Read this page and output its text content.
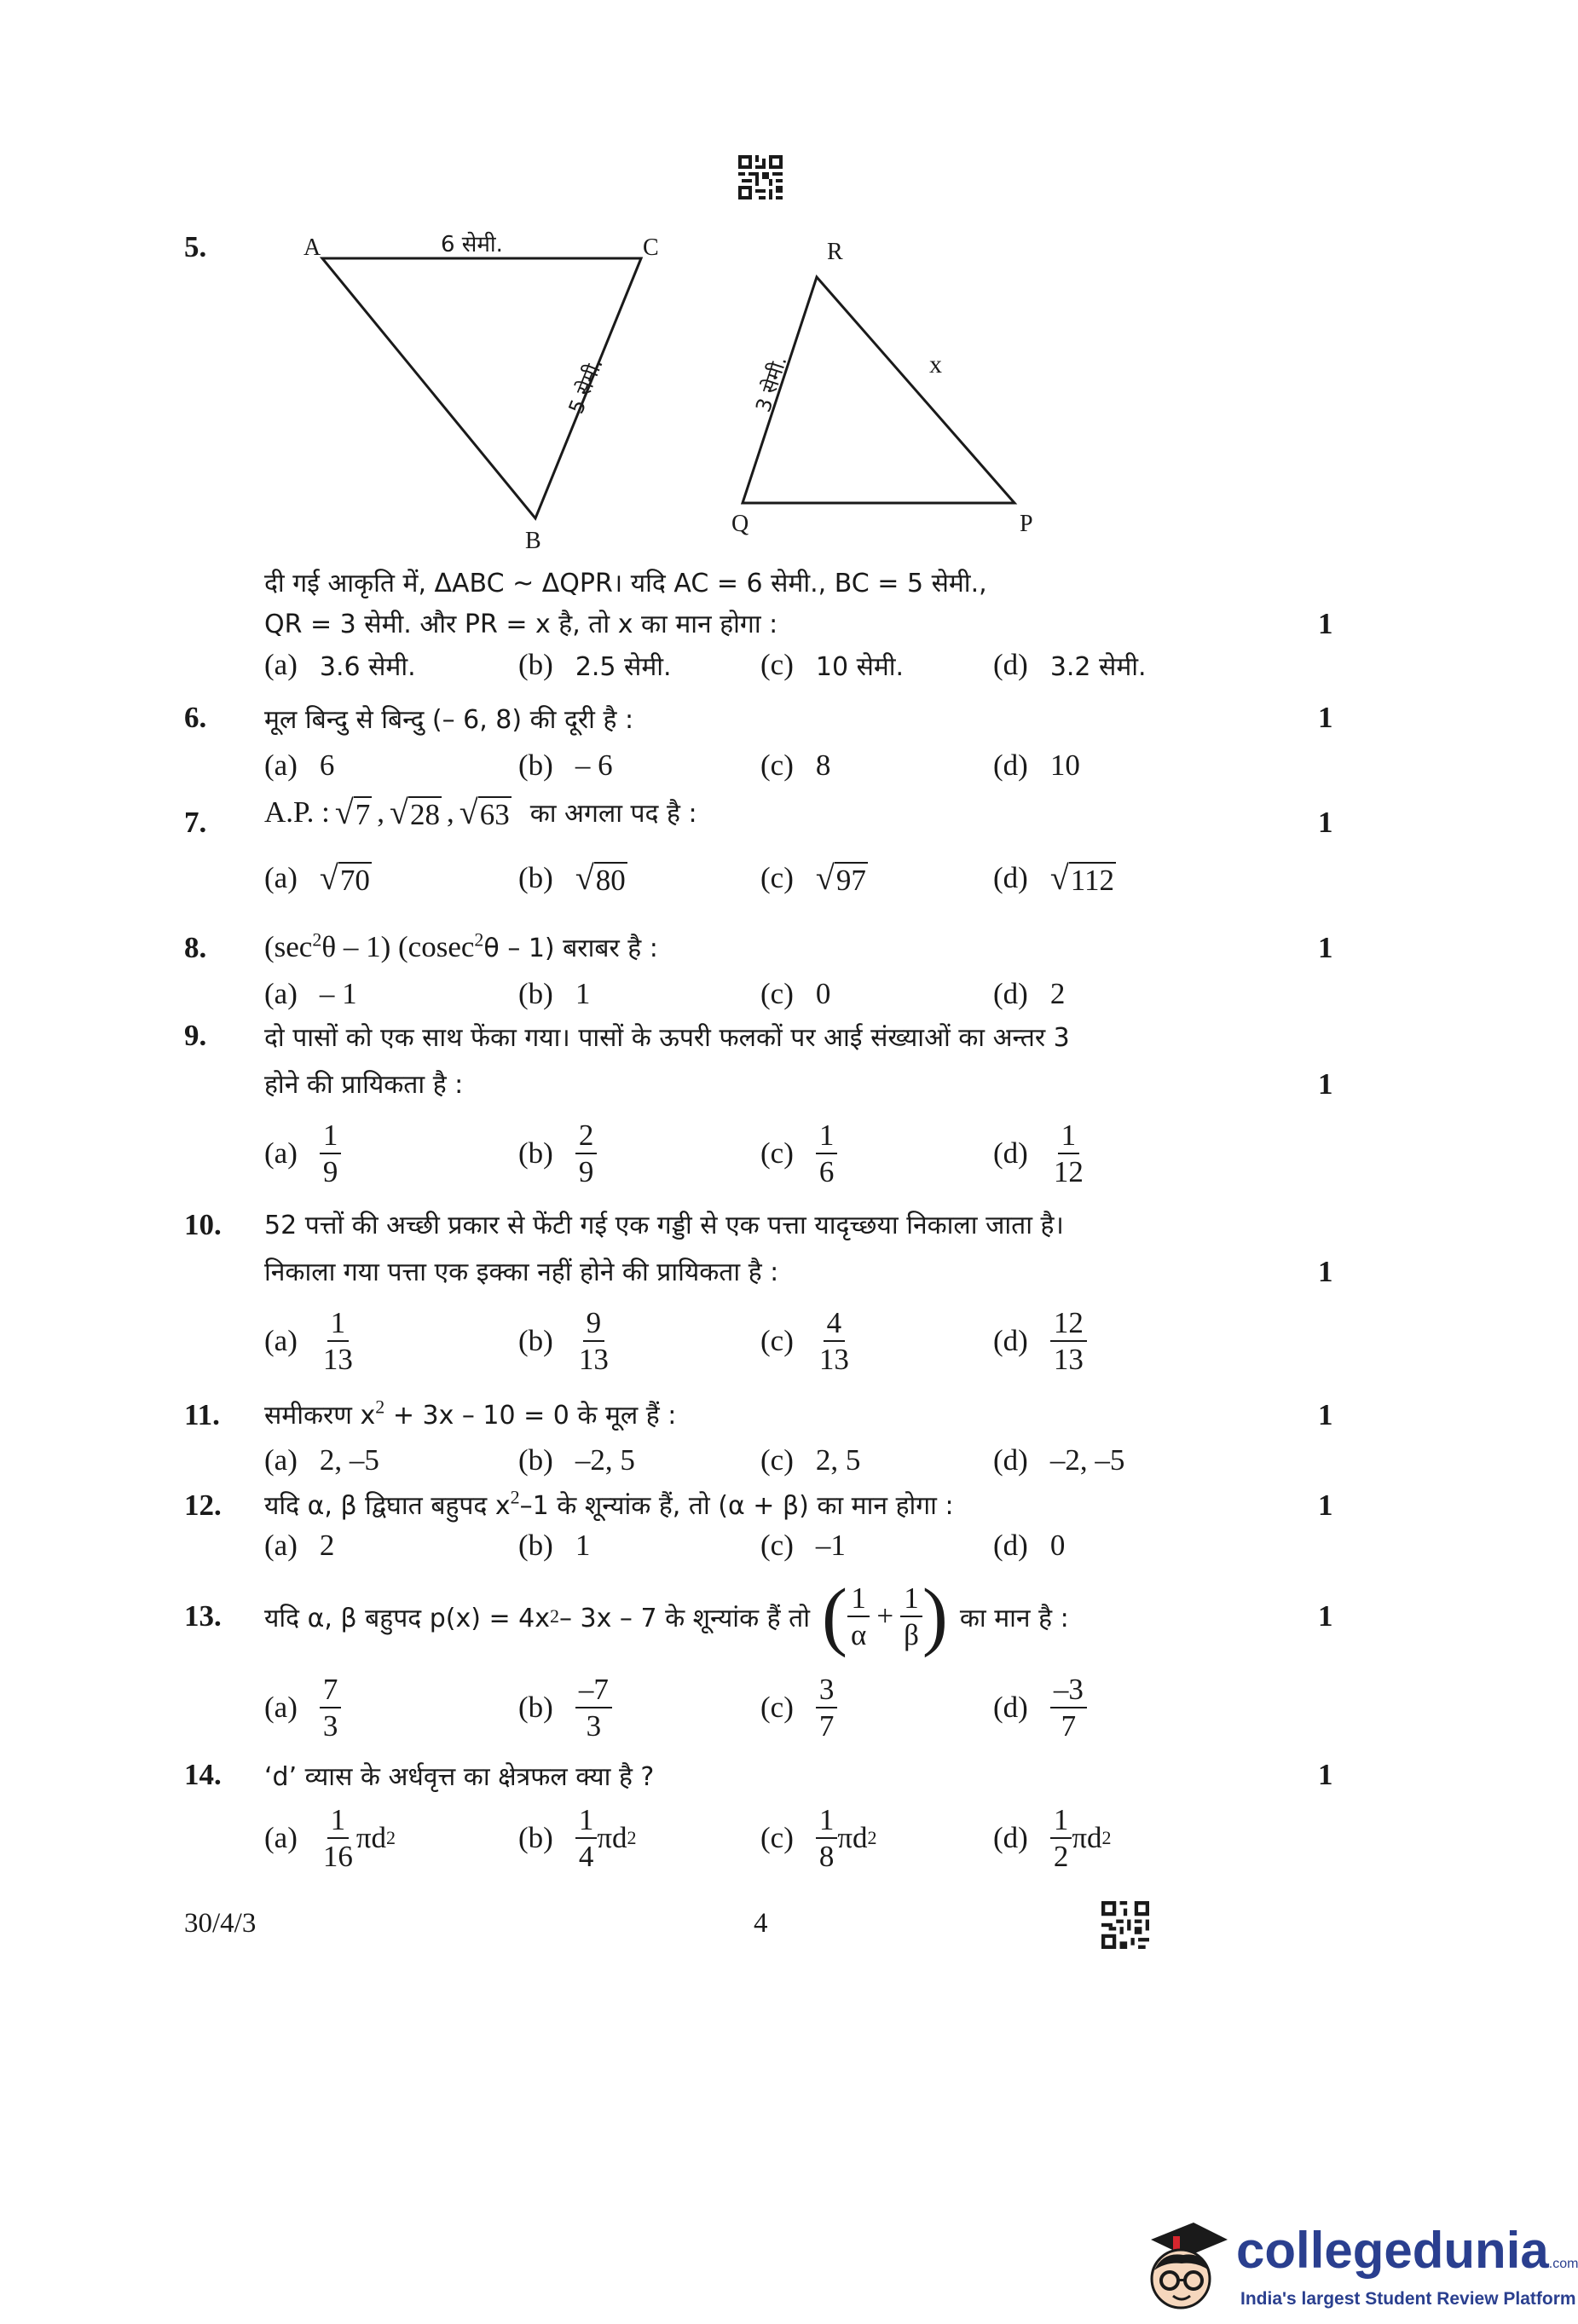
5.	A	C
B
6 सेमी.
5 सेमी.
R
Q	P
x
3 सेमी.
दी गई आकृति में, ΔABC ~ ΔQPR। यदि AC = 6 सेमी., BC = 5 सेमी.,
QR = 3 सेमी. और PR = x है, तो x का मान होगा :	1
(a) 3.6 सेमी.	(b) 2.5 सेमी.	(c) 10 सेमी.	(d) 3.2 सेमी.
6. मूल बिन्दु से बिन्दु (– 6, 8) की दूरी है :	1
(a) 6	(b) – 6	(c) 8	(d) 10
7. A.P. : √ 7 , √ 28 , √ 63 का अगला पद है :	1
(a) √ 70	(b) √ 80	(c) √ 97	(d) √ 112
8. $(\sec^2\theta - 1)$ (cosec$^2$θ – 1) बराबर है :	1
(a) – 1	(b) 1	(c) 0	(d) 2
9. दो पासों को एक साथ फेंका गया। पासों के ऊपरी फलकों पर आई संख्याओं का अन्तर 3
होने की प्रायिकता है :	1
$(a) \frac{1}{9}$	$(b) \frac{2}{9}$	$(c) \frac{1}{6}$	$(d) \frac{1}{12}$
10. 52 पत्तों की अच्छी प्रकार से फेंटी गई एक गड्डी से एक पत्ता यादृच्छया निकाला जाता है।
निकाला गया पत्ता एक इक्का नहीं होने की प्रायिकता है :	1
$(a) \frac{1}{13}$	$(b) \frac{9}{13}$	$(c) \frac{4}{13}$	$(d) \frac{12}{13}$
11. समीकरण $x^2 + 3x - 10 = 0$ के मूल हैं :	1
(a) 2, –5	(b) –2, 5	(c) 2, 5	(d) –2, –5
12. यदि α, β द्विघात बहुपद $x^2-1$ के शून्यांक हैं, तो (α + β) का मान होगा :	1
(a) 2	(b) 1	(c) –1	(d) 0
13. यदि α, β बहुपद p(x) = 4x 2 – 3x – 7 के शून्यांक हैं तो ( $\frac{1}{\alpha} + \frac{1}{\beta}$ ) का मान है :	1
$(a) \frac{7}{3}$	$(b) \frac{-7}{3}$	$(c) \frac{3}{7}$	$(d) \frac{-3}{7}$
14. ‘d’ व्यास के अर्धवृत्त का क्षेत्रफल क्या है ?	1
$(a) \frac{1}{16}$ πd 2	$(b) \frac{1}{4}$ πd 2	$(c) \frac{1}{8}$ πd 2	$(d) \frac{1}{2}$ πd 2
30/4/3	4
collegedunia.com
India's largest Student Review Platform
